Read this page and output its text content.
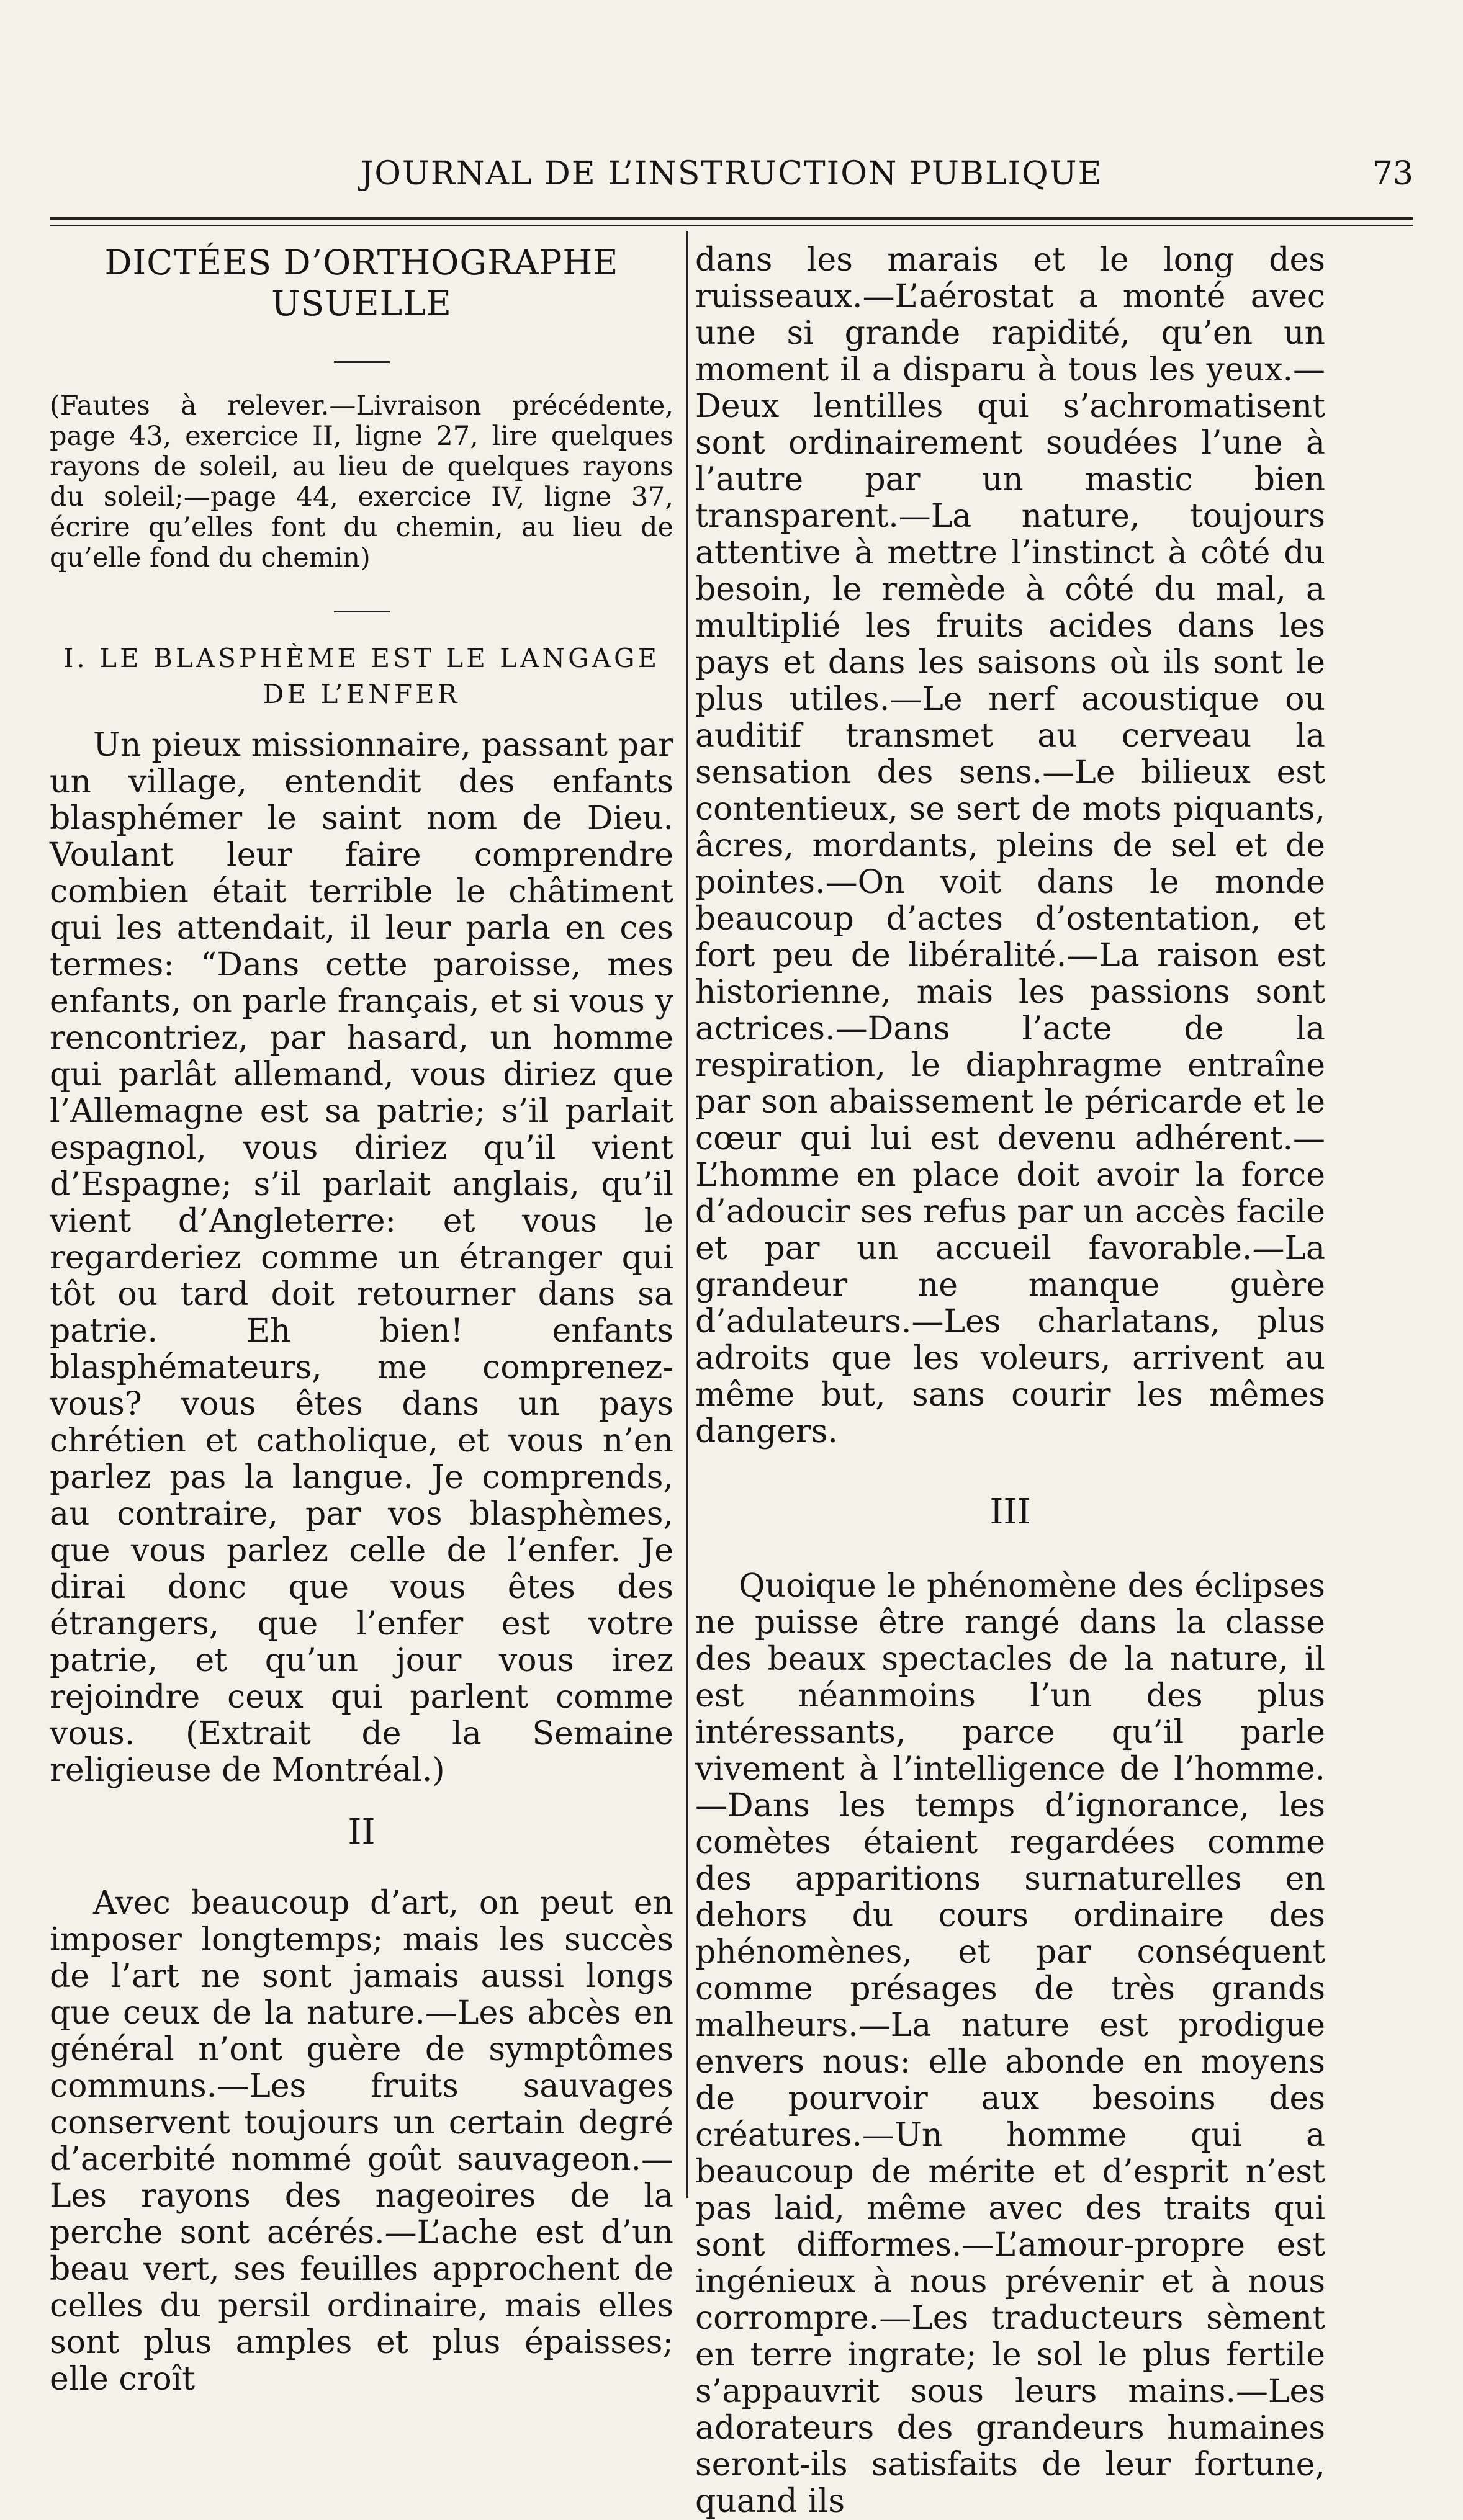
JOURNAL DE L’INSTRUCTION PUBLIQUE	73
DICTÉES D’ORTHOGRAPHE
USUELLE

(Fautes à relever.—Livraison précédente, page 43, exercice II, ligne 27, lire quelques rayons de soleil, au lieu de quelques rayons du soleil;—page 44, exercice IV, ligne 37, écrire qu’elles font du chemin, au lieu de qu’elle fond du chemin)

I. LE BLASPHÈME EST LE LANGAGE DE L’ENFER

Un pieux missionnaire, passant par un village, entendit des enfants blasphémer le saint nom de Dieu. Voulant leur faire comprendre combien était terrible le châtiment qui les attendait, il leur parla en ces termes: “Dans cette paroisse, mes enfants, on parle français, et si vous y rencontriez, par hasard, un homme qui parlât allemand, vous diriez que l’Allemagne est sa patrie; s’il parlait espagnol, vous diriez qu’il vient d’Espagne; s’il parlait anglais, qu’il vient d’Angleterre: et vous le regarderiez comme un étranger qui tôt ou tard doit retourner dans sa patrie. Eh bien! enfants blasphémateurs, me comprenez-vous? vous êtes dans un pays chrétien et catholique, et vous n’en parlez pas la langue. Je comprends, au contraire, par vos blasphèmes, que vous parlez celle de l’enfer. Je dirai donc que vous êtes des étrangers, que l’enfer est votre patrie, et qu’un jour vous irez rejoindre ceux qui parlent comme vous. (Extrait de la Semaine religieuse de Montréal.)

II

Avec beaucoup d’art, on peut en imposer longtemps; mais les succès de l’art ne sont jamais aussi longs que ceux de la nature.—Les abcès en général n’ont guère de symptômes communs.—Les fruits sauvages conservent toujours un certain degré d’acerbité nommé goût sauvageon.—Les rayons des nageoires de la perche sont acérés.—L’ache est d’un beau vert, ses feuilles approchent de celles du persil ordinaire, mais elles sont plus amples et plus épaisses; elle croît

dans les marais et le long des ruisseaux.—L’aérostat a monté avec une si grande rapidité, qu’en un moment il a disparu à tous les yeux.—Deux lentilles qui s’achromatisent sont ordinairement soudées l’une à l’autre par un mastic bien transparent.—La nature, toujours attentive à mettre l’instinct à côté du besoin, le remède à côté du mal, a multiplié les fruits acides dans les pays et dans les saisons où ils sont le plus utiles.—Le nerf acoustique ou auditif transmet au cerveau la sensation des sens.—Le bilieux est contentieux, se sert de mots piquants, âcres, mordants, pleins de sel et de pointes.—On voit dans le monde beaucoup d’actes d’ostentation, et fort peu de libéralité.—La raison est historienne, mais les passions sont actrices.—Dans l’acte de la respiration, le diaphragme entraîne par son abaissement le péricarde et le cœur qui lui est devenu adhérent.—L’homme en place doit avoir la force d’adoucir ses refus par un accès facile et par un accueil favorable.—La grandeur ne manque guère d’adulateurs.—Les charlatans, plus adroits que les voleurs, arrivent au même but, sans courir les mêmes dangers.

III

Quoique le phénomène des éclipses ne puisse être rangé dans la classe des beaux spectacles de la nature, il est néanmoins l’un des plus intéressants, parce qu’il parle vivement à l’intelligence de l’homme.—Dans les temps d’ignorance, les comètes étaient regardées comme des apparitions surnaturelles en dehors du cours ordinaire des phénomènes, et par conséquent comme présages de très grands malheurs.—La nature est prodigue envers nous: elle abonde en moyens de pourvoir aux besoins des créatures.—Un homme qui a beaucoup de mérite et d’esprit n’est pas laid, même avec des traits qui sont difformes.—L’amour-propre est ingénieux à nous prévenir et à nous corrompre.—Les traducteurs sèment en terre ingrate; le sol le plus fertile s’appauvrit sous leurs mains.—Les adorateurs des grandeurs humaines seront-ils satisfaits de leur fortune, quand ils
